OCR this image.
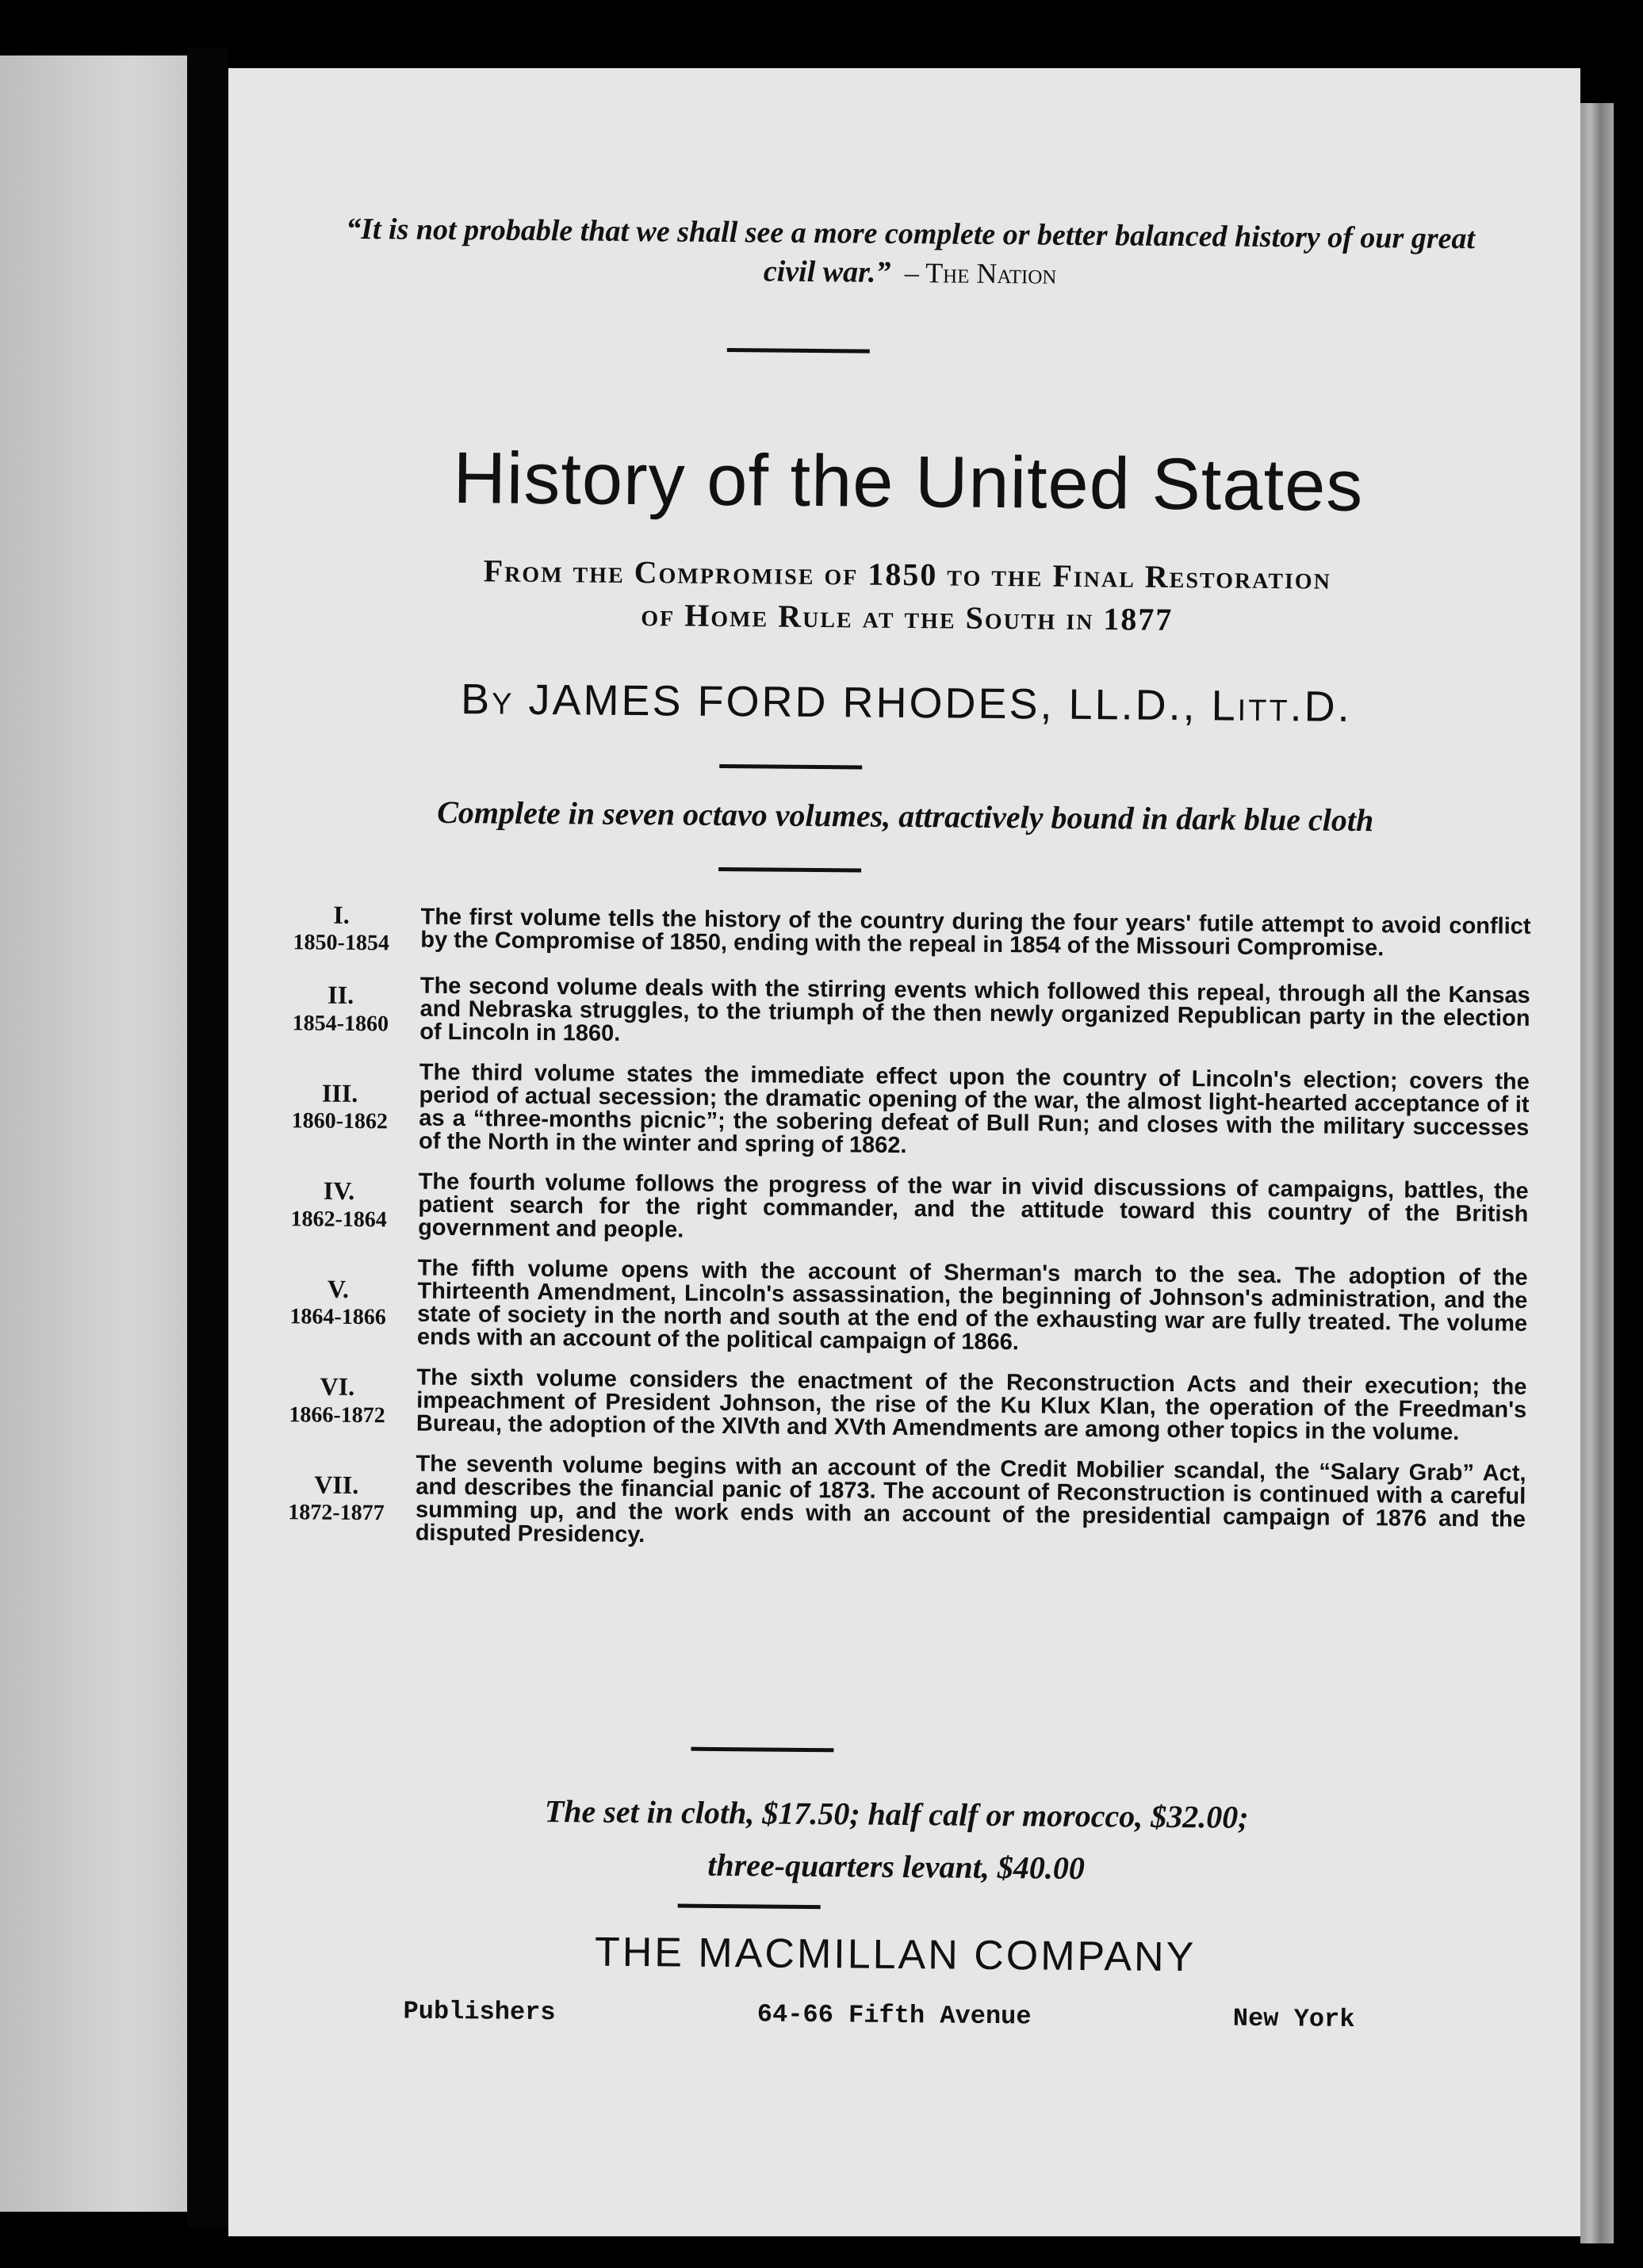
“It is not probable that we shall see a more complete or better balanced history of our great civil war.” – The Nation
History of the United States
From the Compromise of 1850 to the Final Restoration
of Home Rule at the South in 1877
By JAMES FORD RHODES, LL.D., Litt.D.
Complete in seven octavo volumes, attractively bound in dark blue cloth
I.
1850-1854
The first volume tells the history of the country during the four years' futile attempt to avoid conflict by the Compromise of 1850, ending with the repeal in 1854 of the Missouri Compromise.
II.
1854-1860
The second volume deals with the stirring events which followed this repeal, through all the Kansas and Nebraska struggles, to the triumph of the then newly organized Republican party in the election of Lincoln in 1860.
III.
1860-1862
The third volume states the immediate effect upon the country of Lincoln's election; covers the period of actual secession; the dramatic opening of the war, the almost light-hearted acceptance of it as a “three-months picnic”; the sobering defeat of Bull Run; and closes with the military successes of the North in the winter and spring of 1862.
IV.
1862-1864
The fourth volume follows the progress of the war in vivid discussions of campaigns, battles, the patient search for the right commander, and the attitude toward this country of the British government and people.
V.
1864-1866
The fifth volume opens with the account of Sherman's march to the sea. The adoption of the Thirteenth Amendment, Lincoln's assassination, the beginning of Johnson's administration, and the state of society in the north and south at the end of the exhausting war are fully treated. The volume ends with an account of the political campaign of 1866.
VI.
1866-1872
The sixth volume considers the enactment of the Reconstruction Acts and their execution; the impeachment of President Johnson, the rise of the Ku Klux Klan, the operation of the Freedman's Bureau, the adoption of the XIVth and XVth Amendments are among other topics in the volume.
VII.
1872-1877
The seventh volume begins with an account of the Credit Mobilier scandal, the “Salary Grab” Act, and describes the financial panic of 1873. The account of Reconstruction is continued with a careful summing up, and the work ends with an account of the presidential campaign of 1876 and the disputed Presidency.
The set in cloth, $17.50; half calf or morocco, $32.00;
three-quarters levant, $40.00
THE MACMILLAN COMPANY
Publishers	64-66 Fifth Avenue	New York
